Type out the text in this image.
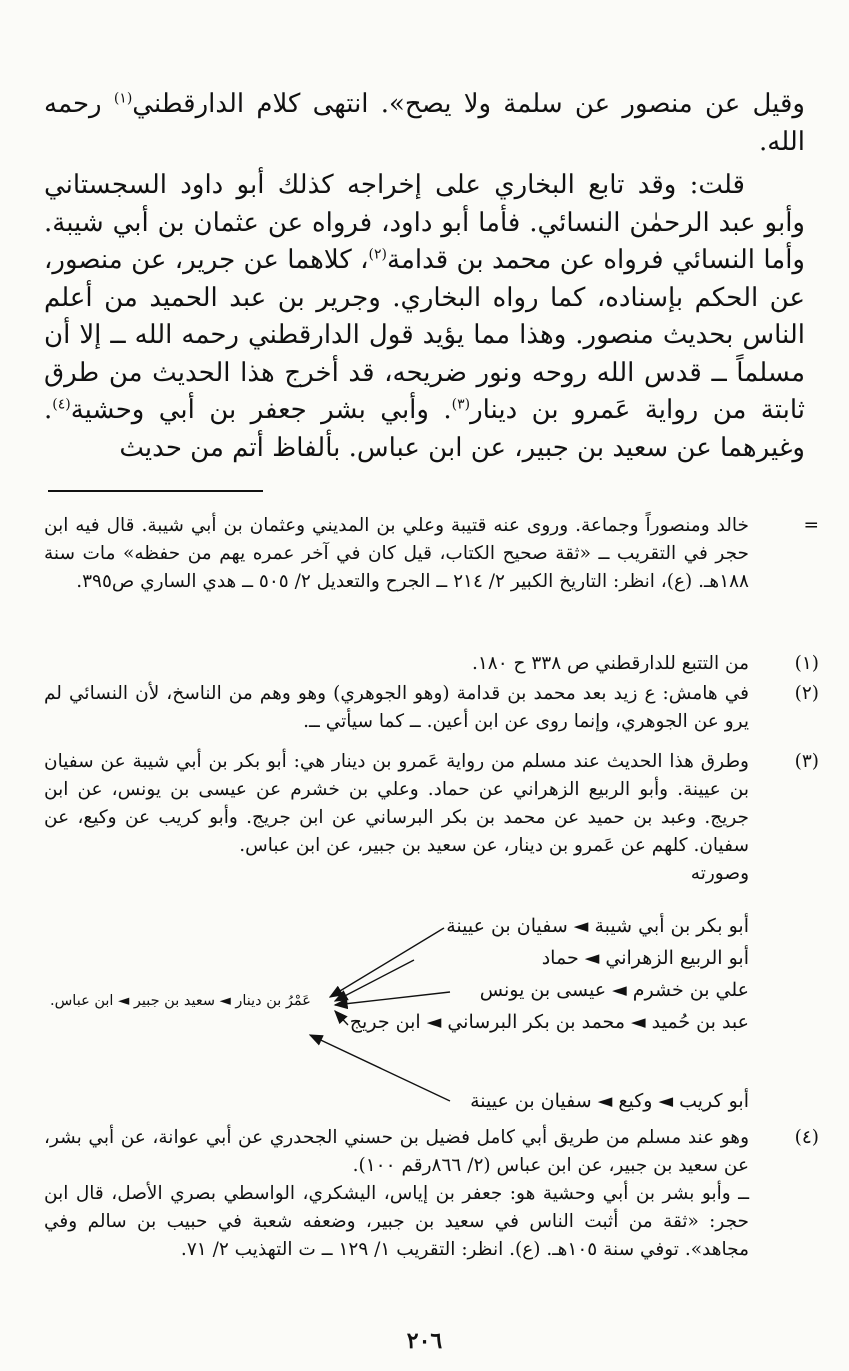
وقيل عن منصور عن سلمة ولا يصح». انتهى كلام الدارقطني$^{(١)}$ رحمه الله.

قلت: وقد تابع البخاري على إخراجه كذلك أبو داود السجستاني وأبو عبد الرحمٰن النسائي. فأما أبو داود، فرواه عن عثمان بن أبي شيبة. وأما النسائي فرواه عن محمد بن قدامة$^{(٢)}$، كلاهما عن جرير، عن منصور، عن الحكم بإسناده، كما رواه البخاري. وجرير بن عبد الحميد من أعلم الناس بحديث منصور. وهذا مما يؤيد قول الدارقطني رحمه الله ــ إلا أن مسلماً ــ قدس الله روحه ونور ضريحه، قد أخرج هذا الحديث من طرق ثابتة من رواية عَمرو بن دينار$^{(٣)}$. وأبي بشر جعفر بن أبي وحشية$^{(٤)}$. وغيرهما عن سعيد بن جبير، عن ابن عباس. بألفاظ أتم من حديث

=
خالد ومنصوراً وجماعة. وروى عنه قتيبة وعلي بن المديني وعثمان بن أبي شيبة. قال فيه ابن حجر في التقريب ــ «ثقة صحيح الكتاب، قيل كان في آخر عمره يهم من حفظه» مات سنة ١٨٨هـ. (ع)، انظر: التاريخ الكبير ٢/ ٢١٤ ــ الجرح والتعديل ٢/ ٥٠٥ ــ هدي الساري ص٣٩٥.
(١)
من التتبع للدارقطني ص ٣٣٨ ح ١٨٠.
(٢)
في هامش: ع زيد بعد محمد بن قدامة (وهو الجوهري) وهو وهم من الناسخ، لأن النسائي لم يرو عن الجوهري، وإنما روى عن ابن أعين. ــ كما سيأتي ــ.
(٣)

وطرق هذا الحديث عند مسلم من رواية عَمرو بن دينار هي: أبو بكر بن أبي شيبة عن سفيان بن عيينة. وأبو الربيع الزهراني عن حماد. وعلي بن خشرم عن عيسى بن يونس، عن ابن جريج. وعبد بن حميد عن محمد بن بكر البرساني عن ابن جريج. وأبو كريب عن وكيع، عن سفيان. كلهم عن عَمرو بن دينار، عن سعيد بن جبير، عن ابن عباس.

وصورته

أبو بكر بن أبي شيبة ◄ سفيان بن عيينة
أبو الربيع الزهراني ◄ حماد
علي بن خشرم ◄ عيسى بن يونس
عبد بن حُميد ◄ محمد بن بكر البرساني ◄ ابن جريج
أبو كريب ◄ وكيع ◄ سفيان بن عيينة
عَمْرُ بن دينار ◄ سعيد بن جبير ◄ ابن عباس.
(٤)

وهو عند مسلم من طريق أبي كامل فضيل بن حسني الجحدري عن أبي عوانة، عن أبي بشر، عن سعيد بن جبير، عن ابن عباس (٢/ ٨٦٦رقم ١٠٠).

ــ وأبو بشر بن أبي وحشية هو: جعفر بن إياس، اليشكري، الواسطي بصري الأصل، قال ابن حجر: «ثقة من أثبت الناس في سعيد بن جبير، وضعفه شعبة في حبيب بن سالم وفي مجاهد». توفي سنة ١٠٥هـ. (ع). انظر: التقريب ١/ ١٢٩ ــ ت التهذيب ٢/ ٧١.

٢٠٦
